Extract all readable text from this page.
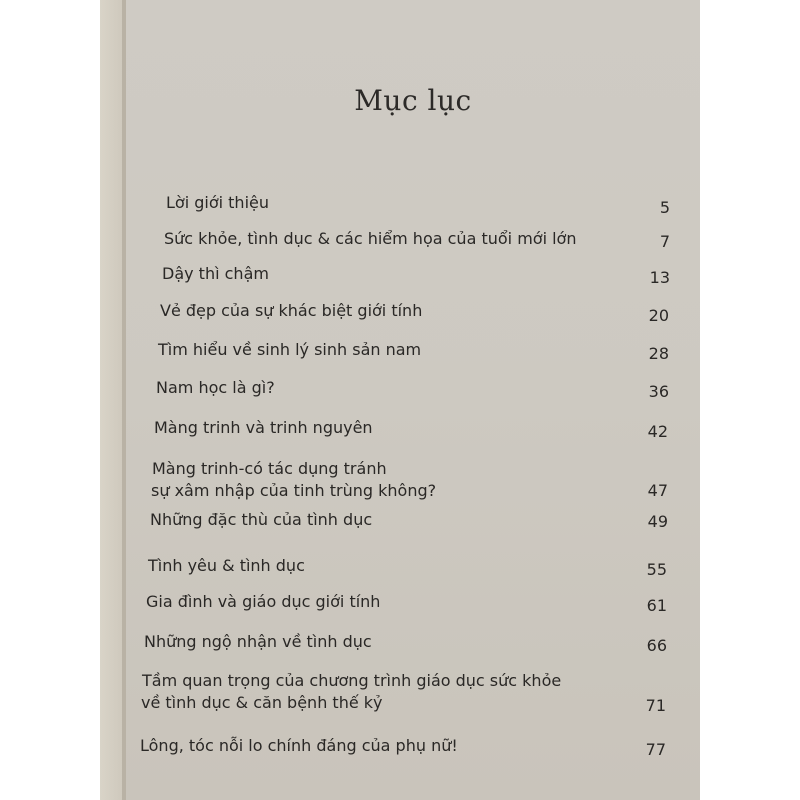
Mục lục
Lời giới thiệu	5
Sức khỏe, tình dục & các hiểm họa của tuổi mới lớn	7
Dậy thì chậm	13
Vẻ đẹp của sự khác biệt giới tính	20
Tìm hiểu về sinh lý sinh sản nam	28
Nam học là gì?	36
Màng trinh và trinh nguyên	42
Màng trinh-có tác dụng tránh
sự xâm nhập của tinh trùng không?	47
Những đặc thù của tình dục	49
Tình yêu & tình dục	55
Gia đình và giáo dục giới tính	61
Những ngộ nhận về tình dục	66
Tầm quan trọng của chương trình giáo dục sức khỏe
về tình dục & căn bệnh thế kỷ	71
Lông, tóc nỗi lo chính đáng của phụ nữ!	77
